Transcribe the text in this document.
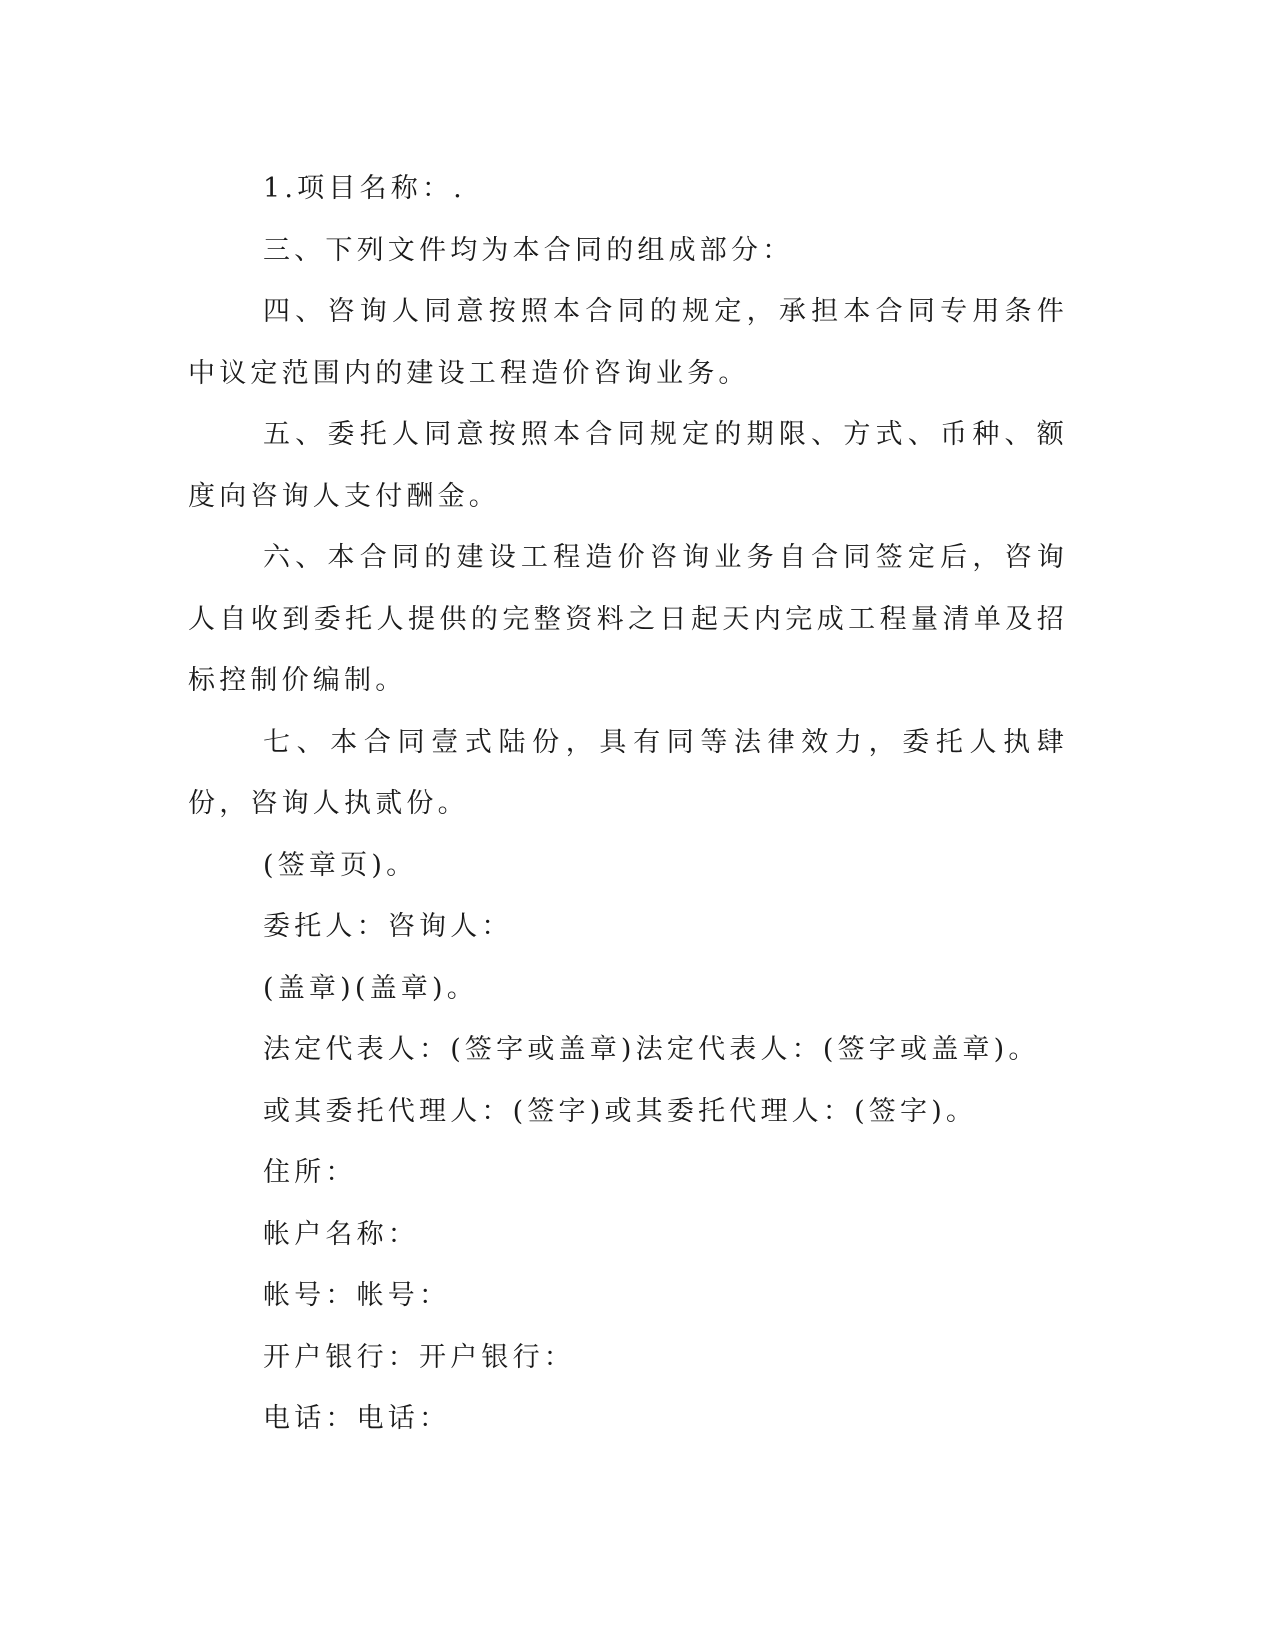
1.项目名称：.

三、下列文件均为本合同的组成部分：

四、咨询人同意按照本合同的规定，承担本合同专用条件中议定范围内的建设工程造价咨询业务。

五、委托人同意按照本合同规定的期限、方式、币种、额度向咨询人支付酬金。

六、本合同的建设工程造价咨询业务自合同签定后，咨询人自收到委托人提供的完整资料之日起天内完成工程量清单及招标控制价编制。

七、本合同壹式陆份，具有同等法律效力，委托人执肆份，咨询人执贰份。

(签章页)。

委托人：咨询人：

(盖章)(盖章)。

法定代表人：(签字或盖章)法定代表人：(签字或盖章)。

或其委托代理人：(签字)或其委托代理人：(签字)。

住所：

帐户名称：

帐号：帐号：

开户银行：开户银行：

电话：电话：
